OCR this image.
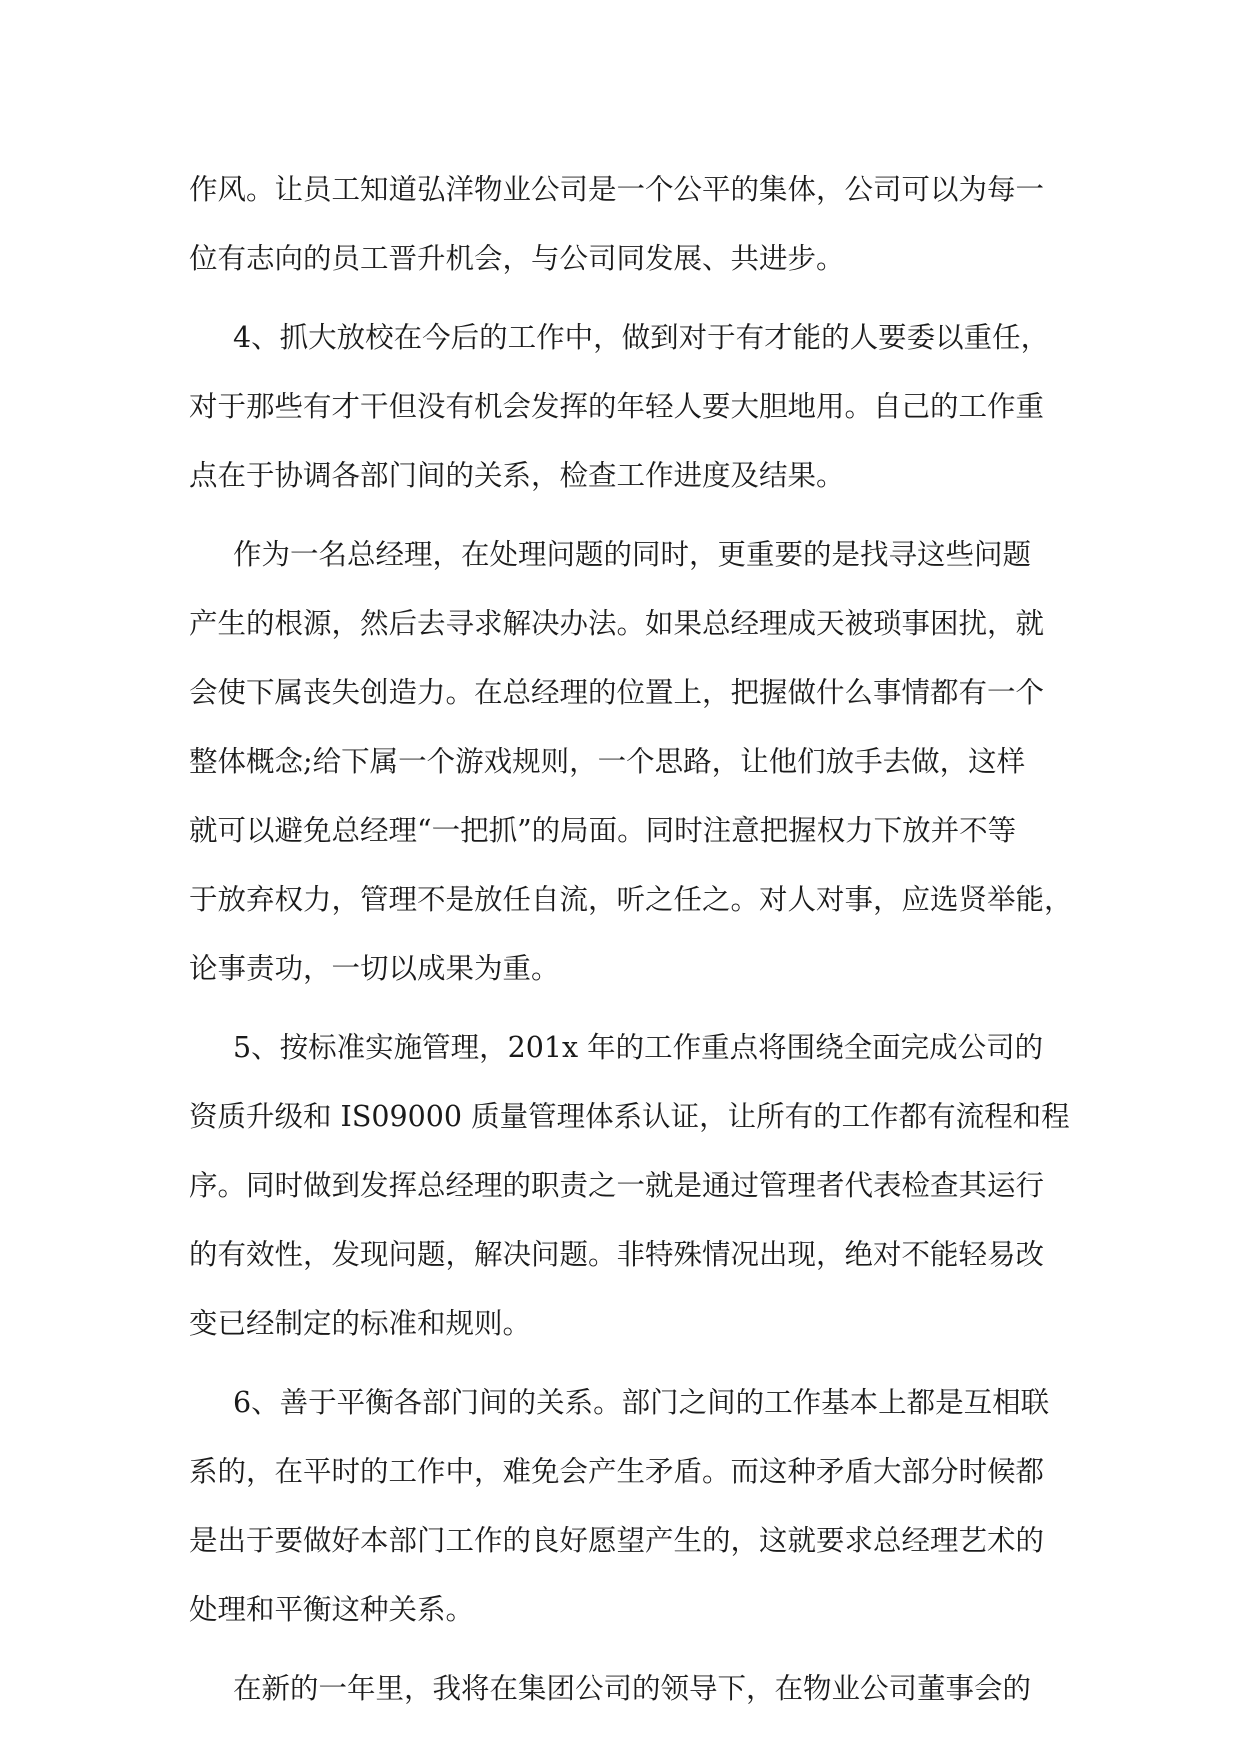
作风。让员工知道弘洋物业公司是一个公平的集体，公司可以为每一
位有志向的员工晋升机会，与公司同发展、共进步。
4、抓大放校在今后的工作中，做到对于有才能的人要委以重任，
对于那些有才干但没有机会发挥的年轻人要大胆地用。自己的工作重
点在于协调各部门间的关系，检查工作进度及结果。
作为一名总经理，在处理问题的同时，更重要的是找寻这些问题
产生的根源，然后去寻求解决办法。如果总经理成天被琐事困扰，就
会使下属丧失创造力。在总经理的位置上，把握做什么事情都有一个
整体概念;给下属一个游戏规则，一个思路，让他们放手去做，这样
就可以避免总经理“一把抓”的局面。同时注意把握权力下放并不等
于放弃权力，管理不是放任自流，听之任之。对人对事，应选贤举能，
论事责功，一切以成果为重。
5、按标准实施管理，201x 年的工作重点将围绕全面完成公司的
资质升级和 IS09000 质量管理体系认证，让所有的工作都有流程和程
序。同时做到发挥总经理的职责之一就是通过管理者代表检查其运行
的有效性，发现问题，解决问题。非特殊情况出现，绝对不能轻易改
变已经制定的标准和规则。
6、善于平衡各部门间的关系。部门之间的工作基本上都是互相联
系的，在平时的工作中，难免会产生矛盾。而这种矛盾大部分时候都
是出于要做好本部门工作的良好愿望产生的，这就要求总经理艺术的
处理和平衡这种关系。
在新的一年里，我将在集团公司的领导下，在物业公司董事会的
